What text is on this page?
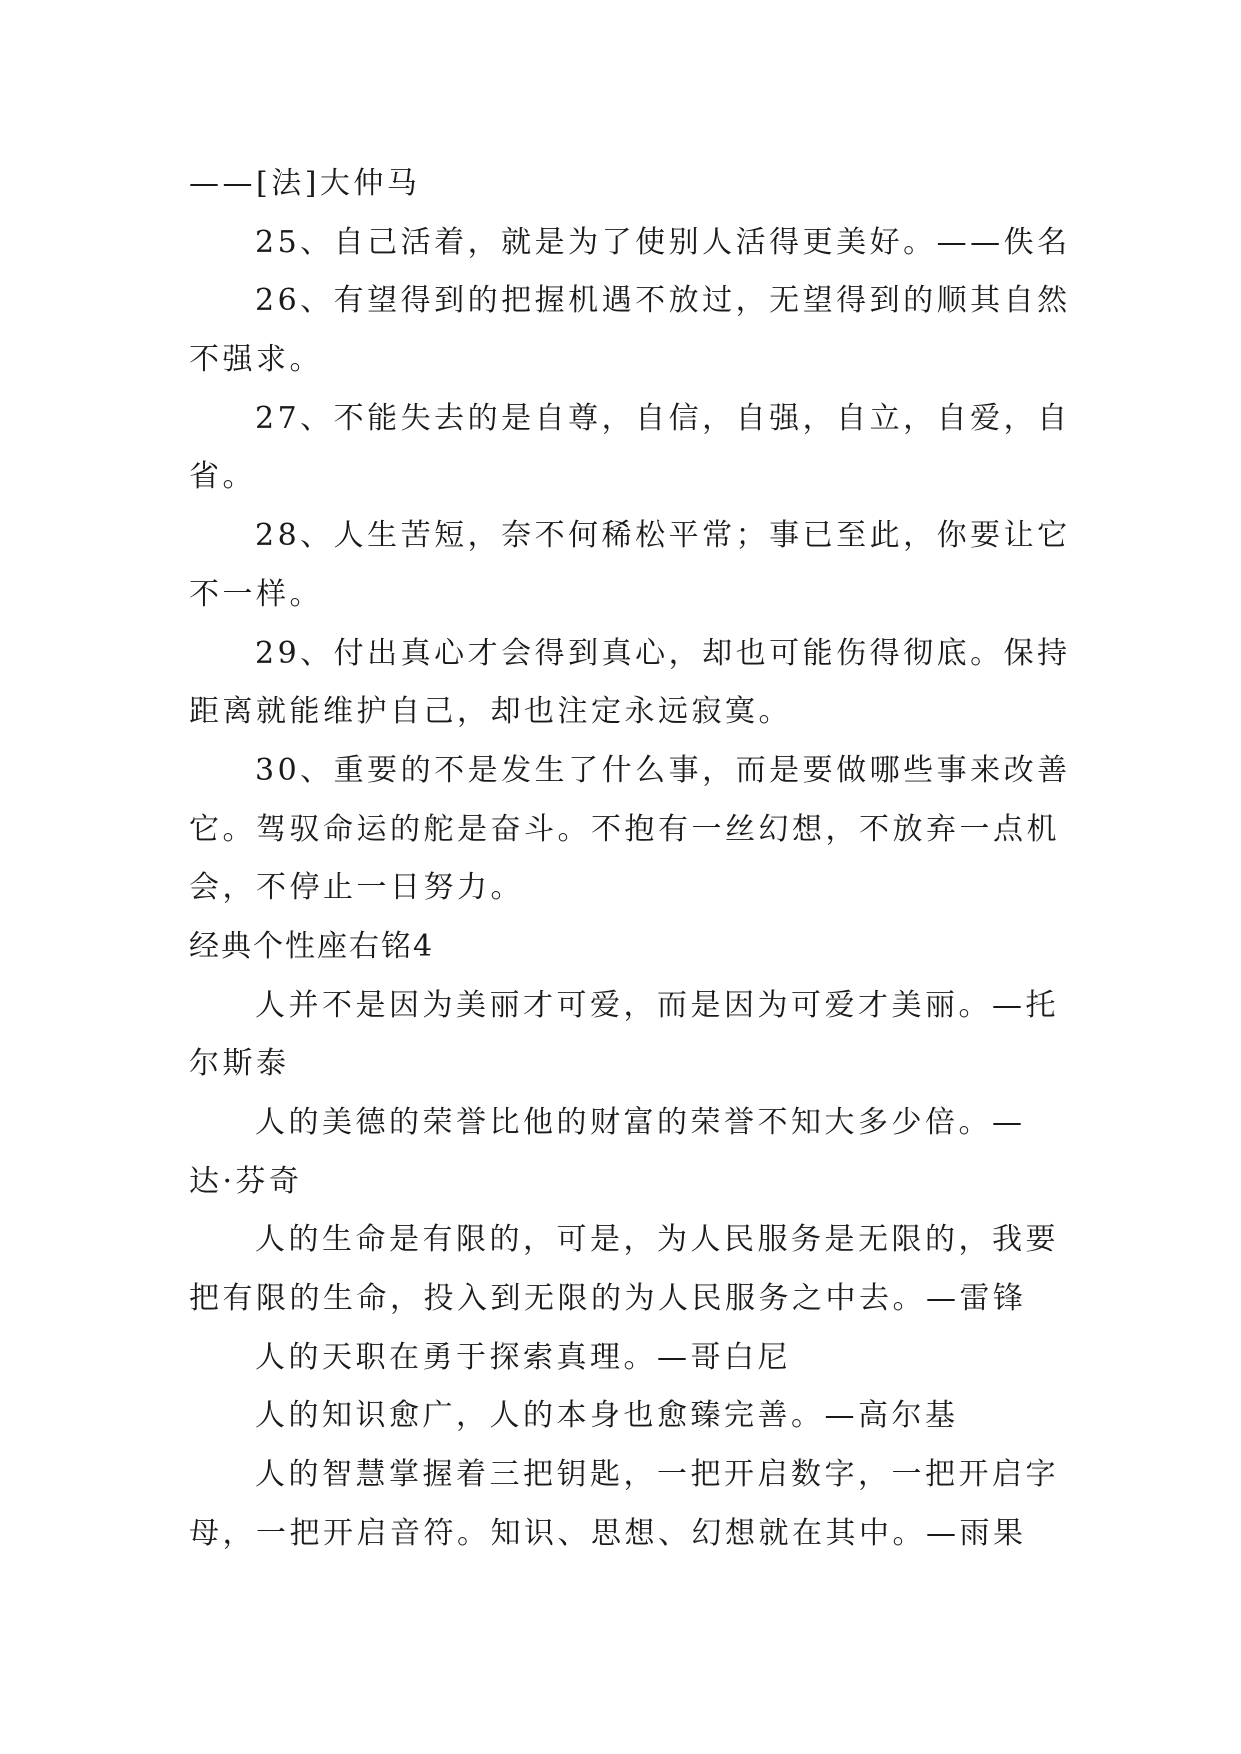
——[法]大仲马
25、自己活着，就是为了使别人活得更美好。——佚名
26、有望得到的把握机遇不放过，无望得到的顺其自然
不强求。
27、不能失去的是自尊，自信，自强，自立，自爱，自
省。
28、人生苦短，奈不何稀松平常；事已至此，你要让它
不一样。
29、付出真心才会得到真心，却也可能伤得彻底。保持
距离就能维护自己，却也注定永远寂寞。
30、重要的不是发生了什么事，而是要做哪些事来改善
它。驾驭命运的舵是奋斗。不抱有一丝幻想，不放弃一点机
会，不停止一日努力。
经典个性座右铭4
人并不是因为美丽才可爱，而是因为可爱才美丽。—托
尔斯泰
人的美德的荣誉比他的财富的荣誉不知大多少倍。—
达·芬奇
人的生命是有限的，可是，为人民服务是无限的，我要
把有限的生命，投入到无限的为人民服务之中去。—雷锋
人的天职在勇于探索真理。—哥白尼
人的知识愈广，人的本身也愈臻完善。—高尔基
人的智慧掌握着三把钥匙，一把开启数字，一把开启字
母，一把开启音符。知识、思想、幻想就在其中。—雨果
